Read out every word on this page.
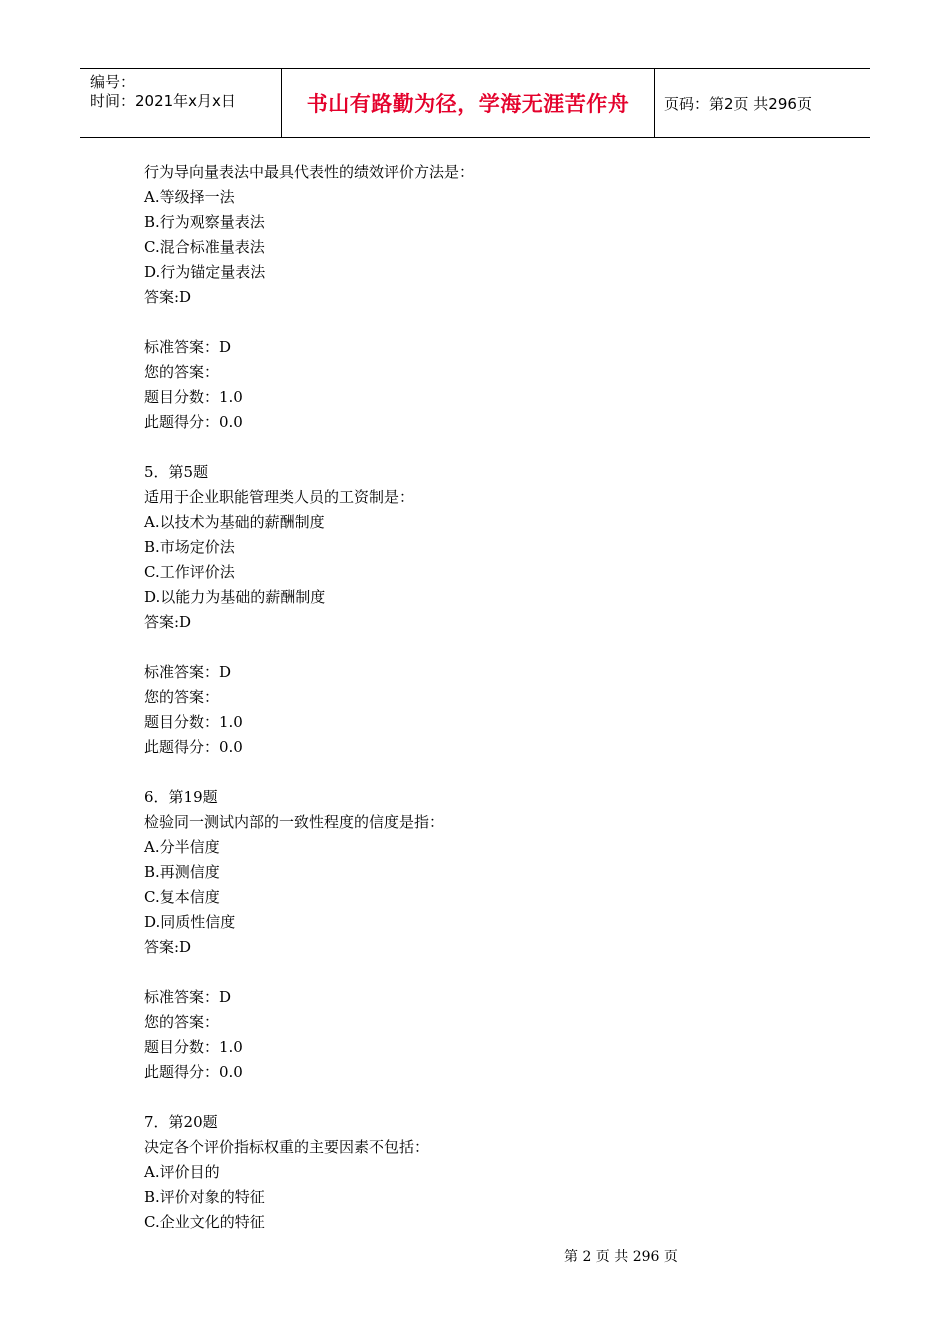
编号：
时间：2021年x月x日	书山有路勤为径，学海无涯苦作舟	页码：第2页 共296页
行为导向量表法中最具代表性的绩效评价方法是：
A.等级择一法
B.行为观察量表法
C.混合标准量表法
D.行为锚定量表法
答案:D
标准答案：D
您的答案：
题目分数：1.0
此题得分：0.0
5．第5题
适用于企业职能管理类人员的工资制是：
A.以技术为基础的薪酬制度
B.市场定价法
C.工作评价法
D.以能力为基础的薪酬制度
答案:D
标准答案：D
您的答案：
题目分数：1.0
此题得分：0.0
6．第19题
检验同一测试内部的一致性程度的信度是指：
A.分半信度
B.再测信度
C.复本信度
D.同质性信度
答案:D
标准答案：D
您的答案：
题目分数：1.0
此题得分：0.0
7．第20题
决定各个评价指标权重的主要因素不包括：
A.评价目的
B.评价对象的特征
C.企业文化的特征
第 2 页 共 296 页
